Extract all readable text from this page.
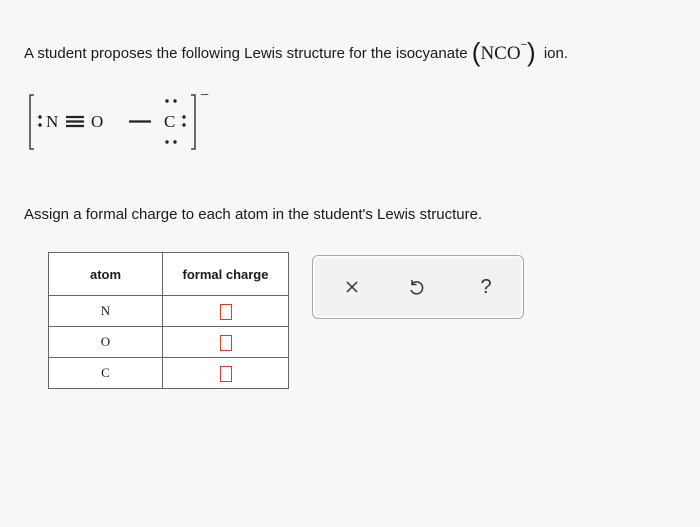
A student proposes the following Lewis structure for the isocyanate (NCO−) ion.
N O	C
−
Assign a formal charge to each atom in the student's Lewis structure.
atom	formal charge
N	
O	
C	
?
